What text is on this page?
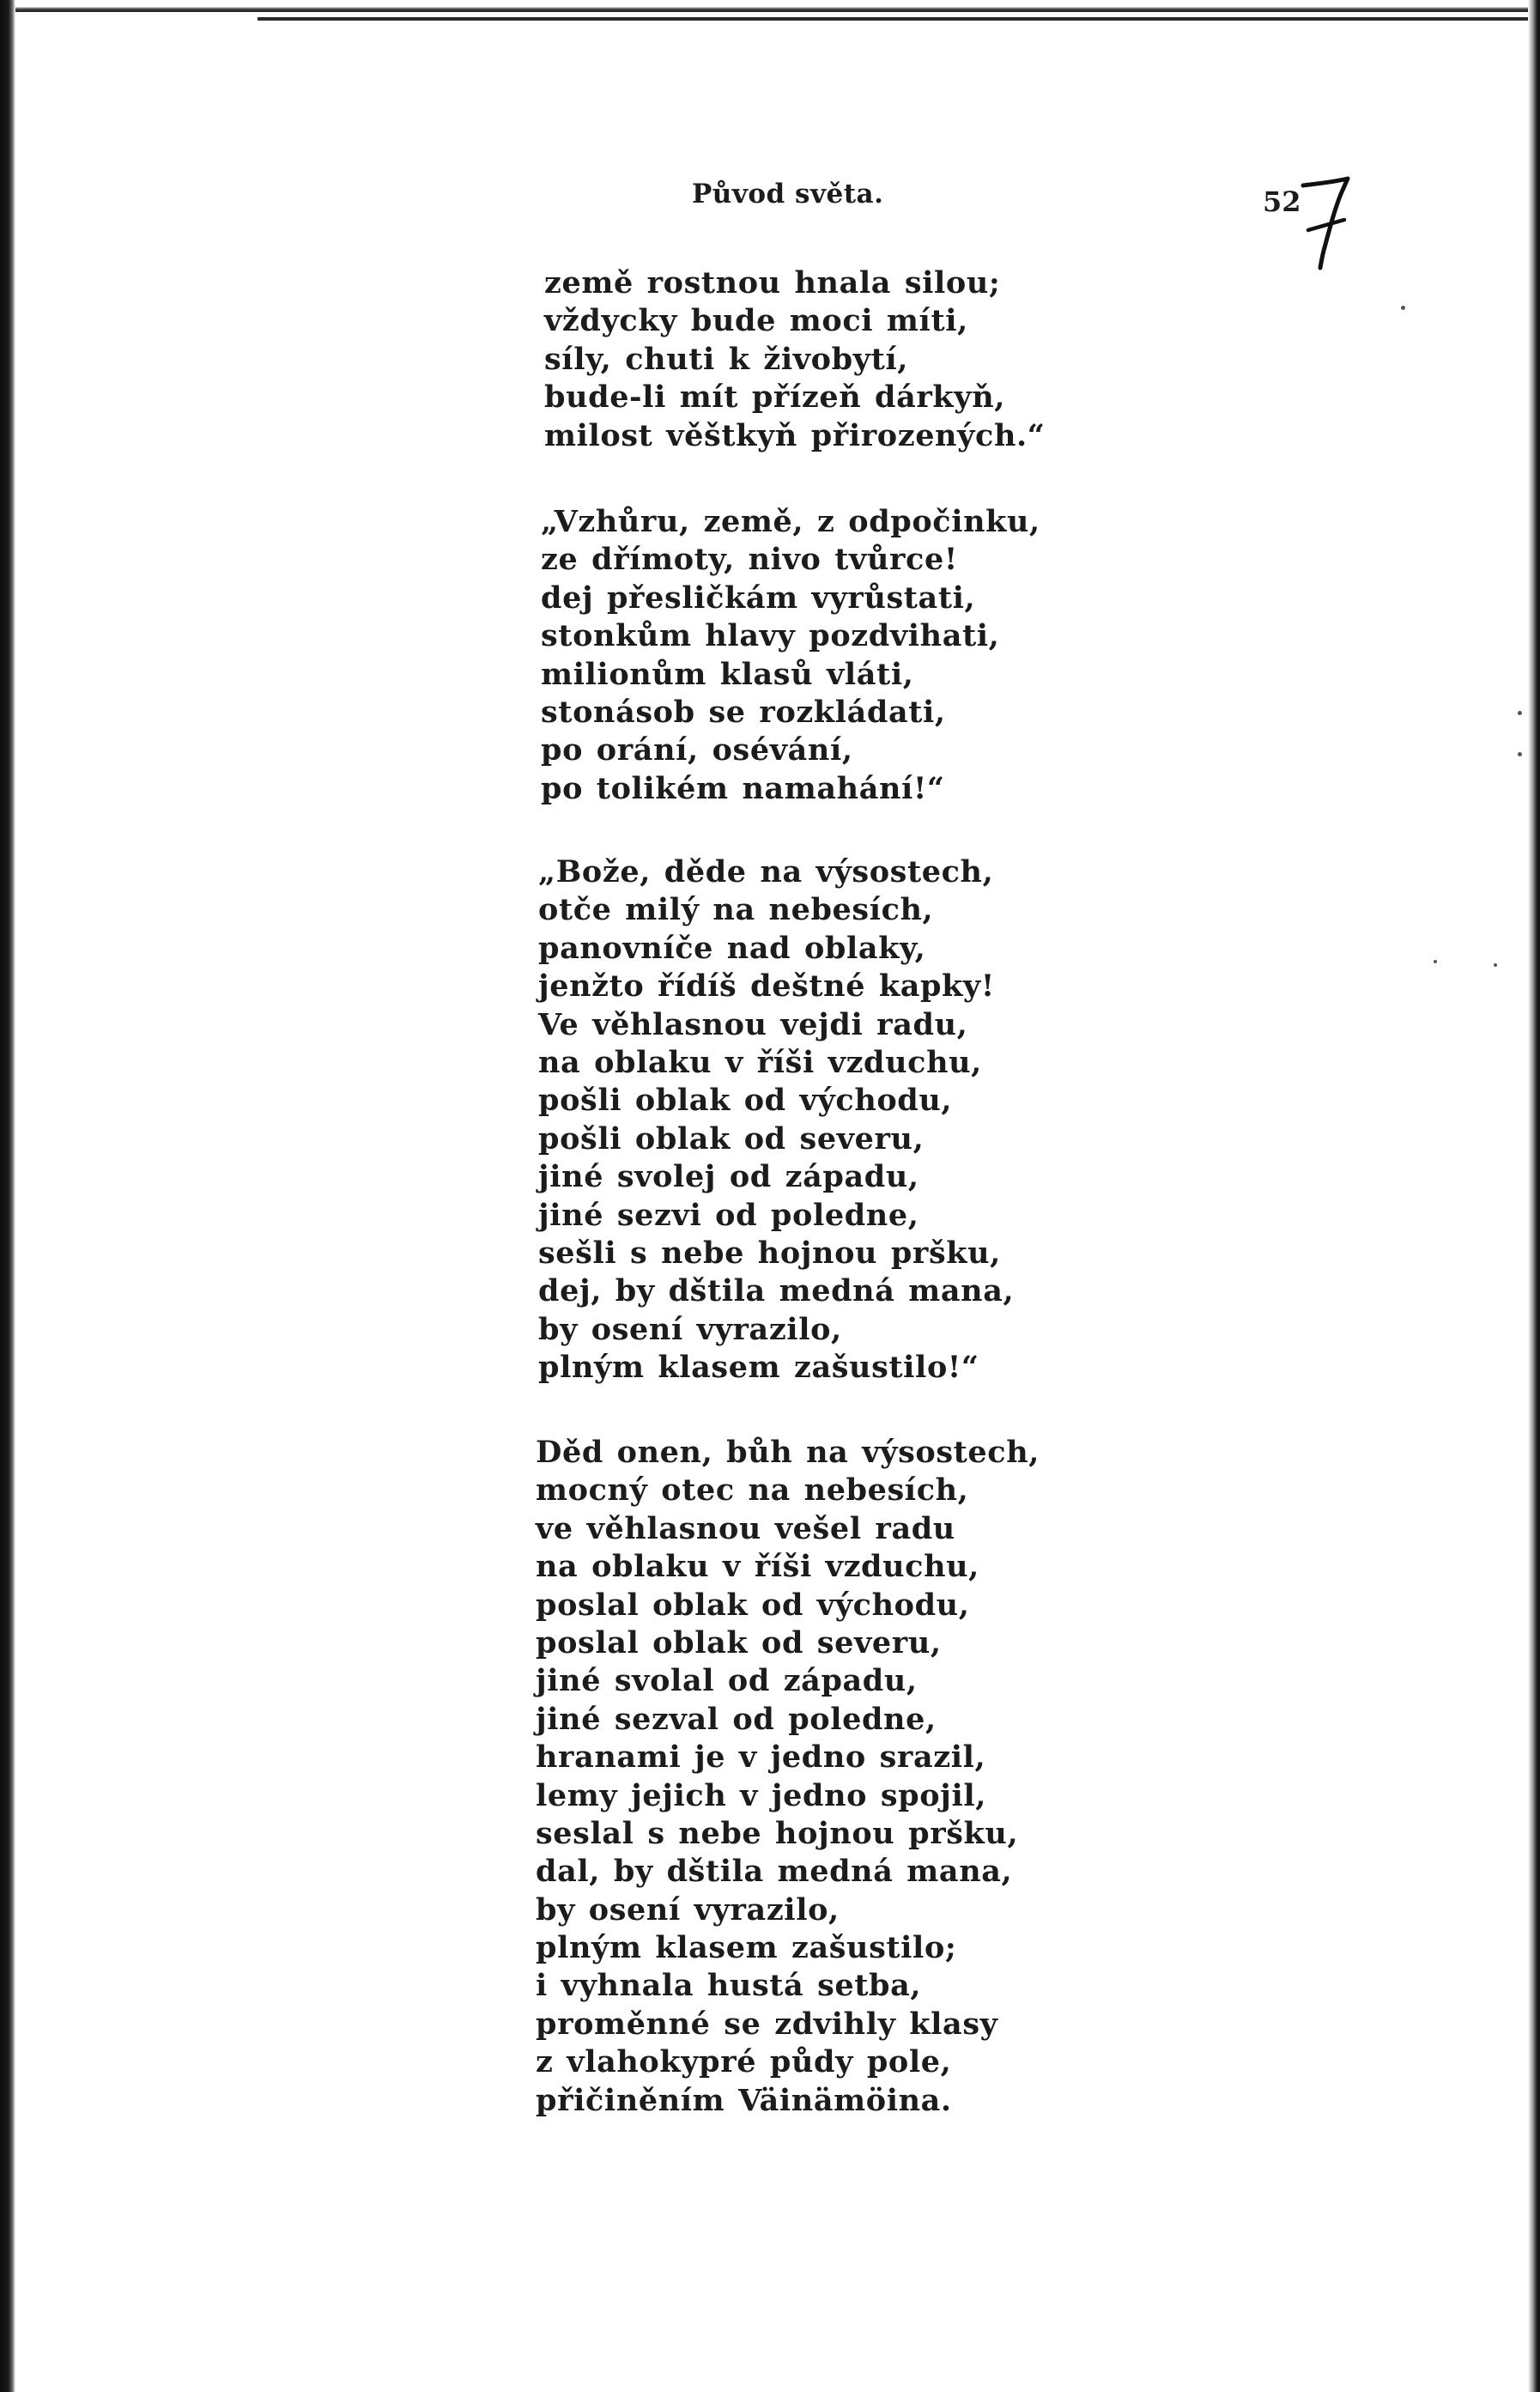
Původ světa.	52
země rostnou hnala silou;
vždycky bude moci míti,
síly, chuti k živobytí,
bude-li mít přízeň dárkyň,
milost věštkyň přirozených.“
„Vzhůru, země, z odpočinku,
ze dřímoty, nivo tvůrce!
dej přesličkám vyrůstati,
stonkům hlavy pozdvihati,
milionům klasů vláti,
stonásob se rozkládati,
po orání, osévání,
po tolikém namahání!“
„Bože, děde na výsostech,
otče milý na nebesích,
panovníče nad oblaky,
jenžto řídíš deštné kapky!
Ve věhlasnou vejdi radu,
na oblaku v říši vzduchu,
pošli oblak od východu,
pošli oblak od severu,
jiné svolej od západu,
jiné sezvi od poledne,
sešli s nebe hojnou pršku,
dej, by dštila medná mana,
by osení vyrazilo,
plným klasem zašustilo!“
Děd onen, bůh na výsostech,
mocný otec na nebesích,
ve věhlasnou vešel radu
na oblaku v říši vzduchu,
poslal oblak od východu,
poslal oblak od severu,
jiné svolal od západu,
jiné sezval od poledne,
hranami je v jedno srazil,
lemy jejich v jedno spojil,
seslal s nebe hojnou pršku,
dal, by dštila medná mana,
by osení vyrazilo,
plným klasem zašustilo;
i vyhnala hustá setba,
proměnné se zdvihly klasy
z vlahokypré půdy pole,
přičiněním Väinämöina.
